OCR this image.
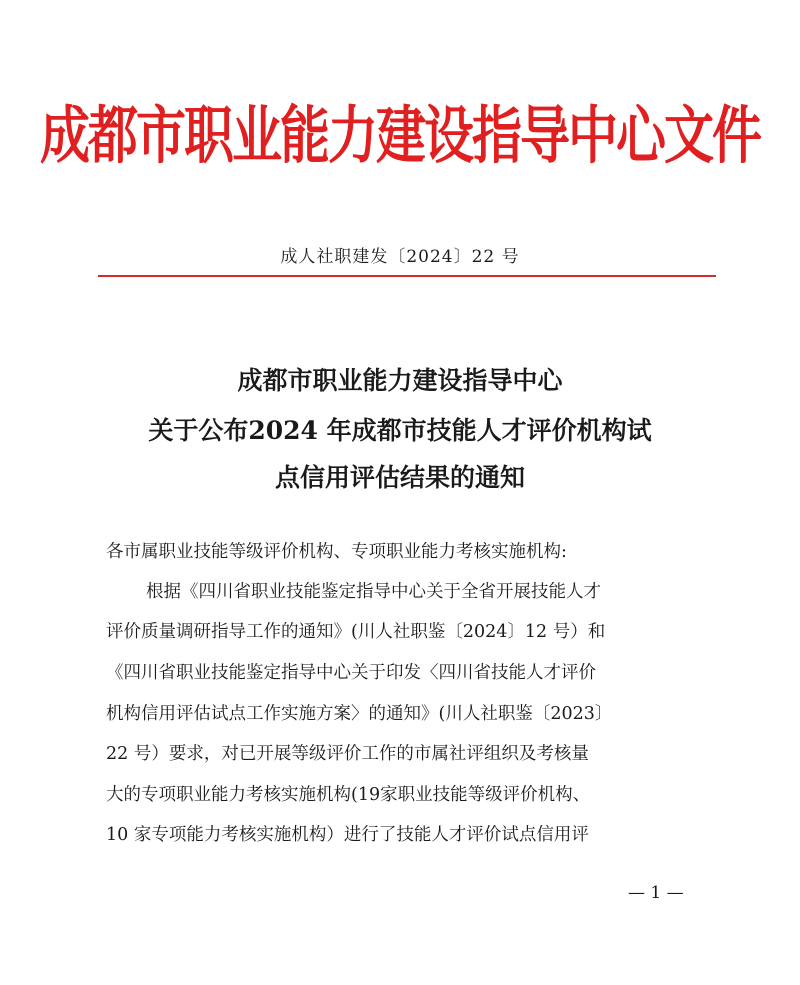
成都市职业能力建设指导中心文件
成人社职建发〔2024〕22 号
成都市职业能力建设指导中心
关于公布2024 年成都市技能人才评价机构试
点信用评估结果的通知
各市属职业技能等级评价机构、专项职业能力考核实施机构:
根据《四川省职业技能鉴定指导中心关于全省开展技能人才
评价质量调研指导工作的通知》(川人社职鉴〔2024〕12 号）和
《四川省职业技能鉴定指导中心关于印发〈四川省技能人才评价
机构信用评估试点工作实施方案〉的通知》(川人社职鉴〔2023〕
22 号）要求，对已开展等级评价工作的市属社评组织及考核量
大的专项职业能力考核实施机构(19家职业技能等级评价机构、
10 家专项能力考核实施机构）进行了技能人才评价试点信用评
— 1 —
